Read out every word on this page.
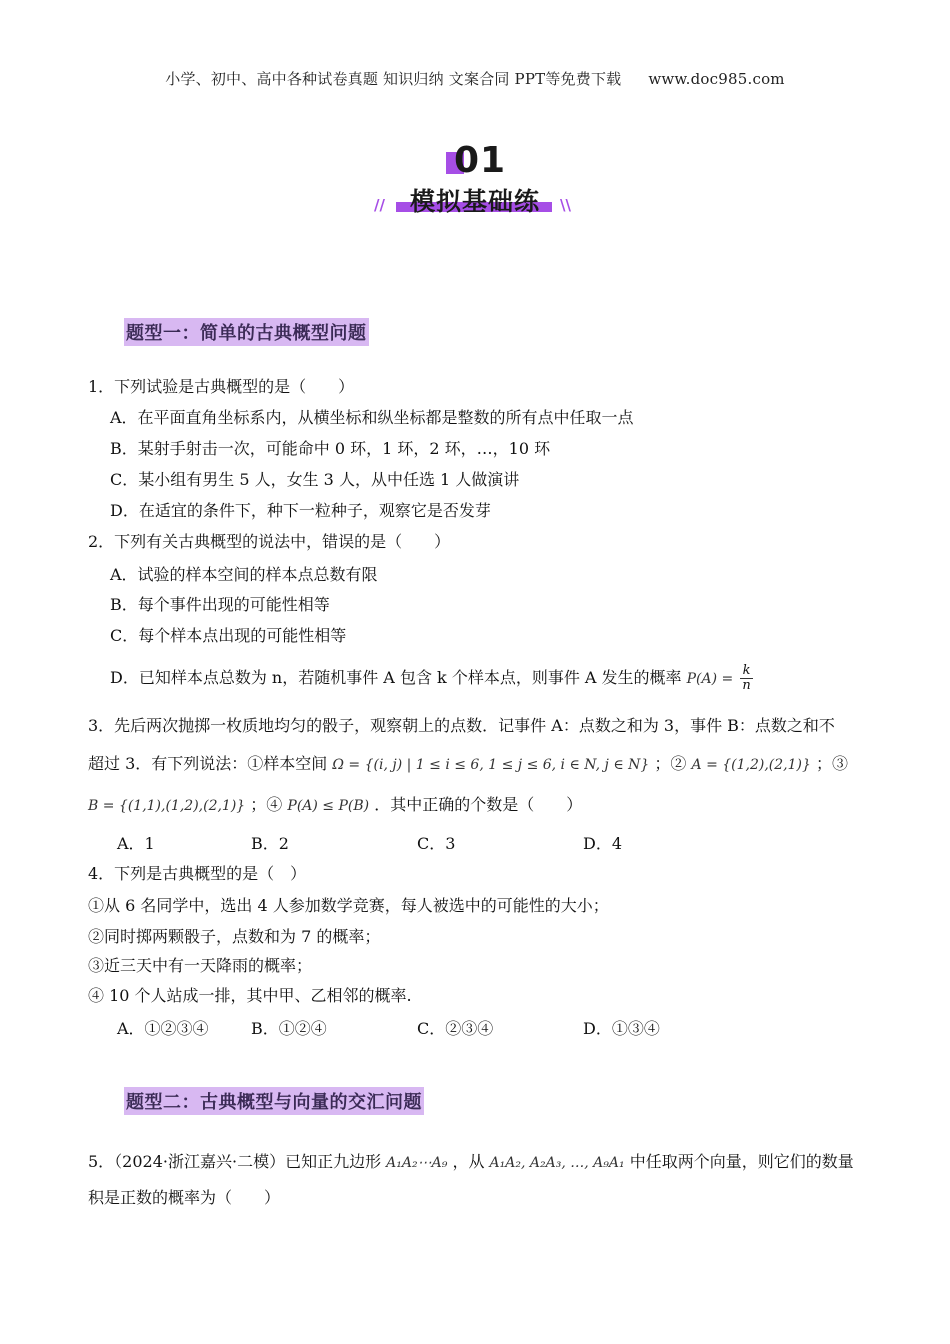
小学、初中、高中各种试卷真题 知识归纳 文案合同 PPT等免费下载 www.doc985.com
01
模拟基础练
//	\\
题型一：简单的古典概型问题
1．下列试验是古典概型的是（　　）
A．在平面直角坐标系内，从横坐标和纵坐标都是整数的所有点中任取一点
B．某射手射击一次，可能命中 0 环，1 环，2 环，…，10 环
C．某小组有男生 5 人，女生 3 人，从中任选 1 人做演讲
D．在适宜的条件下，种下一粒种子，观察它是否发芽
2．下列有关古典概型的说法中，错误的是（　　）
A．试验的样本空间的样本点总数有限
B．每个事件出现的可能性相等
C．每个样本点出现的可能性相等
D．已知样本点总数为 n，若随机事件 A 包含 k 个样本点，则事件 A 发生的概率 $P(A) = \frac{k}{n}$
3．先后两次抛掷一枚质地均匀的骰子，观察朝上的点数．记事件 A：点数之和为 3，事件 B：点数之和不
超过 3．有下列说法：①样本空间 Ω = {(i, j) | 1 ≤ i ≤ 6, 1 ≤ j ≤ 6, i ∈ N, j ∈ N} ；② A = {(1,2),(2,1)} ；③
B = {(1,1),(1,2),(2,1)} ；④ P(A) ≤ P(B) ．其中正确的个数是（　　）
A．1	B．2	C．3	D．4
4．下列是古典概型的是（　）
①从 6 名同学中，选出 4 人参加数学竞赛，每人被选中的可能性的大小；
②同时掷两颗骰子，点数和为 7 的概率；
③近三天中有一天降雨的概率；
④ 10 个人站成一排，其中甲、乙相邻的概率.
A．①②③④	B．①②④	C．②③④	D．①③④
题型二：古典概型与向量的交汇问题
5．（2024·浙江嘉兴·二模）已知正九边形 A₁A₂⋯A₉ ，从 A₁A₂, A₂A₃, …, A₉A₁ 中任取两个向量，则它们的数量
积是正数的概率为（　　）
